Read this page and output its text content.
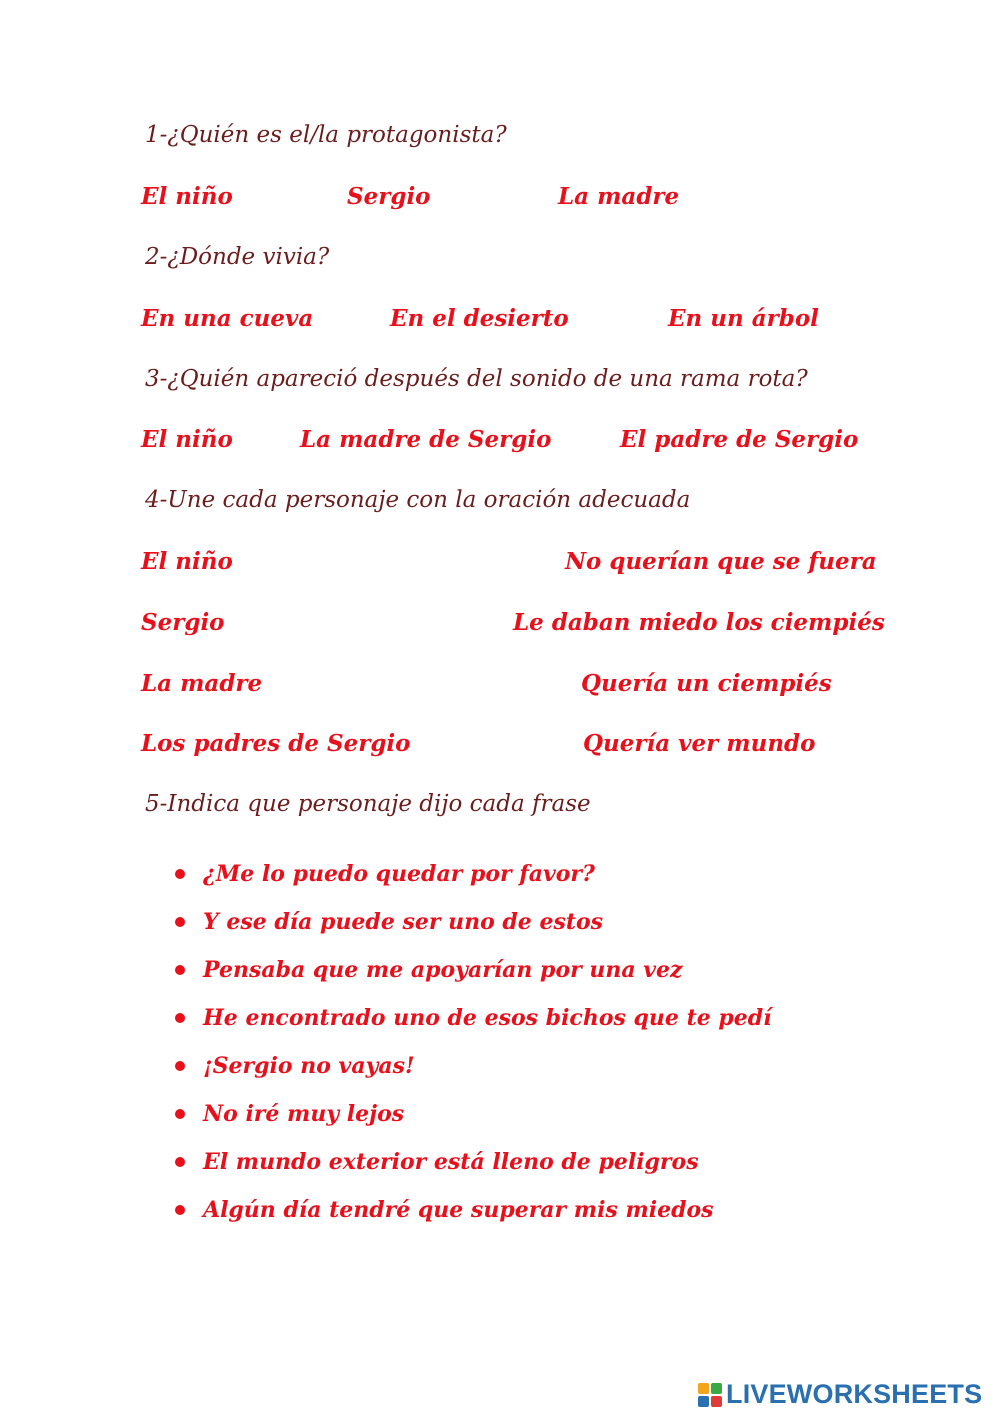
1-¿Quién es el/la protagonista?
El niño	Sergio	La madre
2-¿Dónde vivia?
En una cueva	En el desierto	En un árbol
3-¿Quién apareció después del sonido de una rama rota?
El niño	La madre de Sergio	El padre de Sergio
4-Une cada personaje con la oración adecuada
El niño	No querían que se fuera
Sergio	Le daban miedo los ciempiés
La madre	Quería un ciempiés
Los padres de Sergio	Quería ver mundo
5-Indica que personaje dijo cada frase
¿Me lo puedo quedar por favor?
Y ese día puede ser uno de estos
Pensaba que me apoyarían por una vez
He encontrado uno de esos bichos que te pedí
¡Sergio no vayas!
No iré muy lejos
El mundo exterior está lleno de peligros
Algún día tendré que superar mis miedos
LIVEWORKSHEETS
